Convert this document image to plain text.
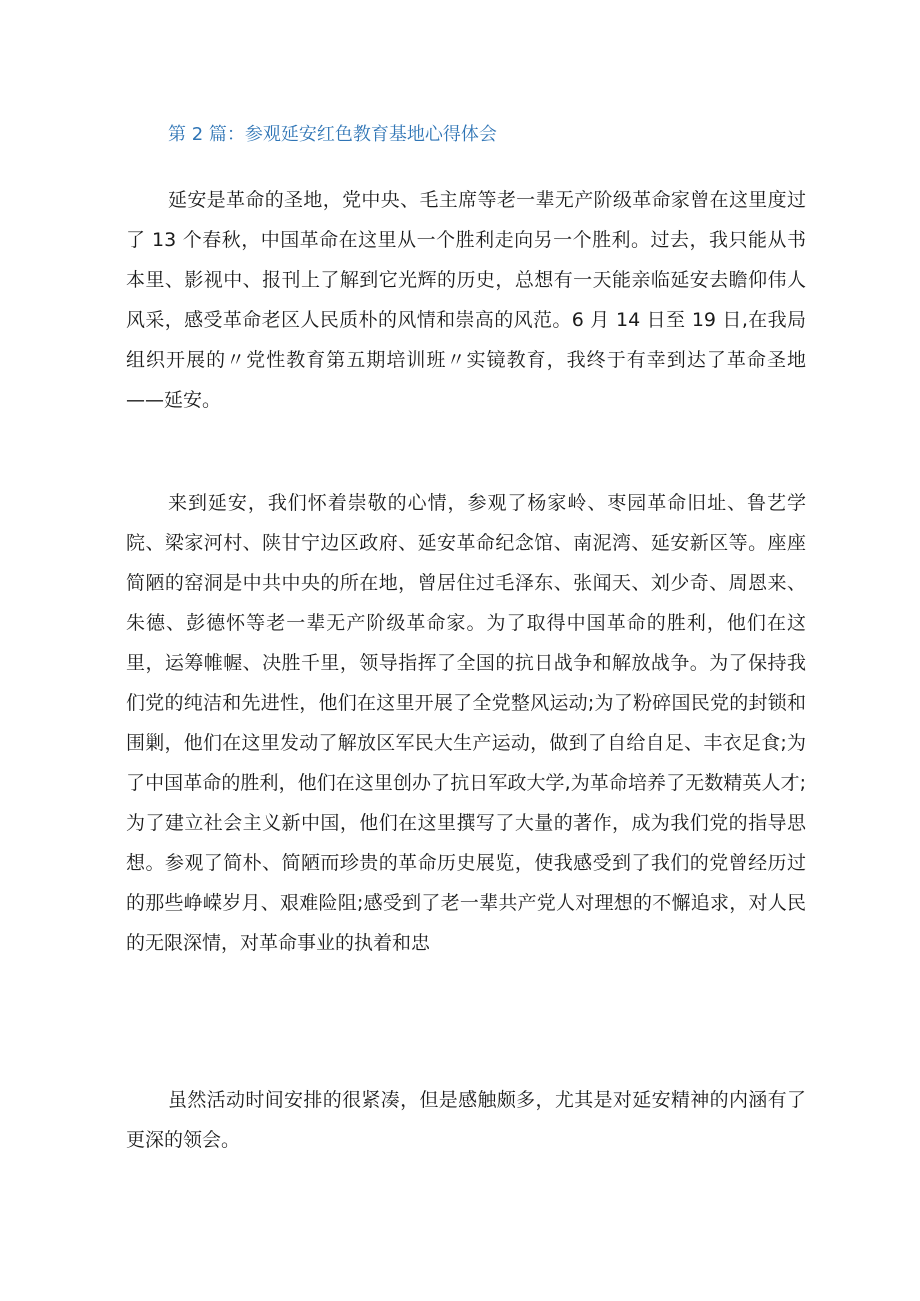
第 2 篇：参观延安红色教育基地心得体会

延安是革命的圣地，党中央、毛主席等老一辈无产阶级革命家曾在这里度过了 13 个春秋，中国革命在这里从一个胜利走向另一个胜利。过去，我只能从书本里、影视中、报刊上了解到它光辉的历史，总想有一天能亲临延安去瞻仰伟人风采，感受革命老区人民质朴的风情和崇高的风范。6 月 14 日至 19 日,在我局组织开展的〃党性教育第五期培训班〃实镜教育，我终于有幸到达了革命圣地——延安。

来到延安，我们怀着崇敬的心情，参观了杨家岭、枣园革命旧址、鲁艺学院、梁家河村、陕甘宁边区政府、延安革命纪念馆、南泥湾、延安新区等。座座简陋的窑洞是中共中央的所在地，曾居住过毛泽东、张闻天、刘少奇、周恩来、朱德、彭德怀等老一辈无产阶级革命家。为了取得中国革命的胜利，他们在这里，运筹帷幄、决胜千里，领导指挥了全国的抗日战争和解放战争。为了保持我们党的纯洁和先进性，他们在这里开展了全党整风运动;为了粉碎国民党的封锁和围剿，他们在这里发动了解放区军民大生产运动，做到了自给自足、丰衣足食;为了中国革命的胜利，他们在这里创办了抗日军政大学,为革命培养了无数精英人才;为了建立社会主义新中国，他们在这里撰写了大量的著作，成为我们党的指导思想。参观了简朴、简陋而珍贵的革命历史展览，使我感受到了我们的党曾经历过的那些峥嵘岁月、艰难险阻;感受到了老一辈共产党人对理想的不懈追求，对人民的无限深情，对革命事业的执着和忠

虽然活动时间安排的很紧凑，但是感触颇多，尤其是对延安精神的内涵有了更深的领会。
